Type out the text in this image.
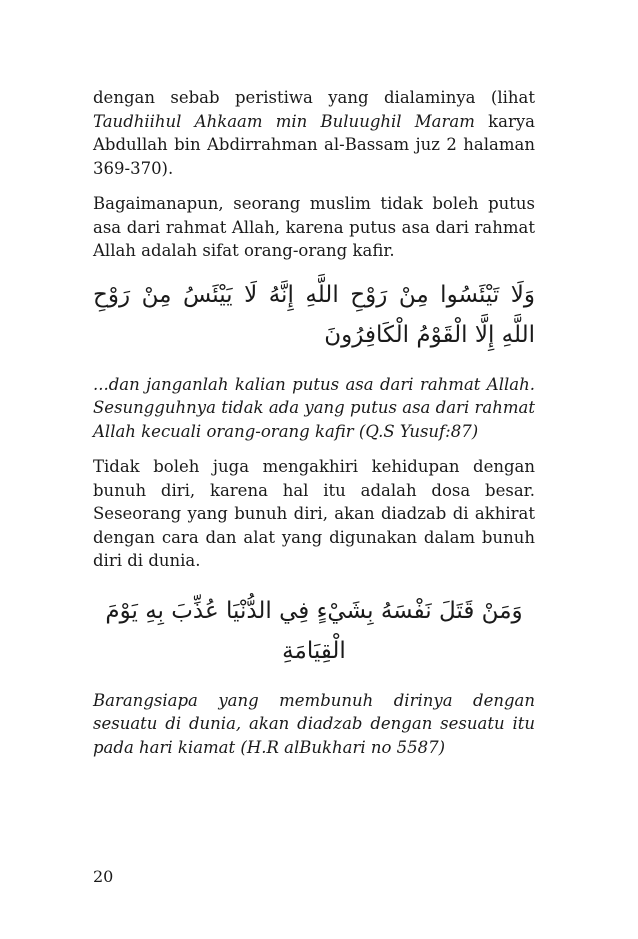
dengan sebab peristiwa yang dialaminya (lihat Taudhiihul Ahkaam min Buluughil Maram karya Abdullah bin Abdirrahman al-Bassam juz 2 halaman 369-370).

Bagaimanapun, seorang muslim tidak boleh putus asa dari rahmat Allah, karena putus asa dari rahmat Allah adalah sifat orang-orang kafir.

وَلَا تَيْئَسُوا مِنْ رَوْحِ اللَّهِ إِنَّهُ لَا يَيْئَسُ مِنْ رَوْحِ اللَّهِ إِلَّا الْقَوْمُ الْكَافِرُونَ

...dan janganlah kalian putus asa dari rahmat Allah. Sesungguhnya tidak ada yang putus asa dari rahmat Allah kecuali orang-orang kafir (Q.S Yusuf:87)

Tidak boleh juga mengakhiri kehidupan dengan bunuh diri, karena hal itu adalah dosa besar. Seseorang yang bunuh diri, akan diadzab di akhirat dengan cara dan alat yang digunakan dalam bunuh diri di dunia.

وَمَنْ قَتَلَ نَفْسَهُ بِشَيْءٍ فِي الدُّنْيَا عُذِّبَ بِهِ يَوْمَ الْقِيَامَةِ

Barangsiapa yang membunuh dirinya dengan sesuatu di dunia, akan diadzab dengan sesuatu itu pada hari kiamat (H.R alBukhari no 5587)

20
